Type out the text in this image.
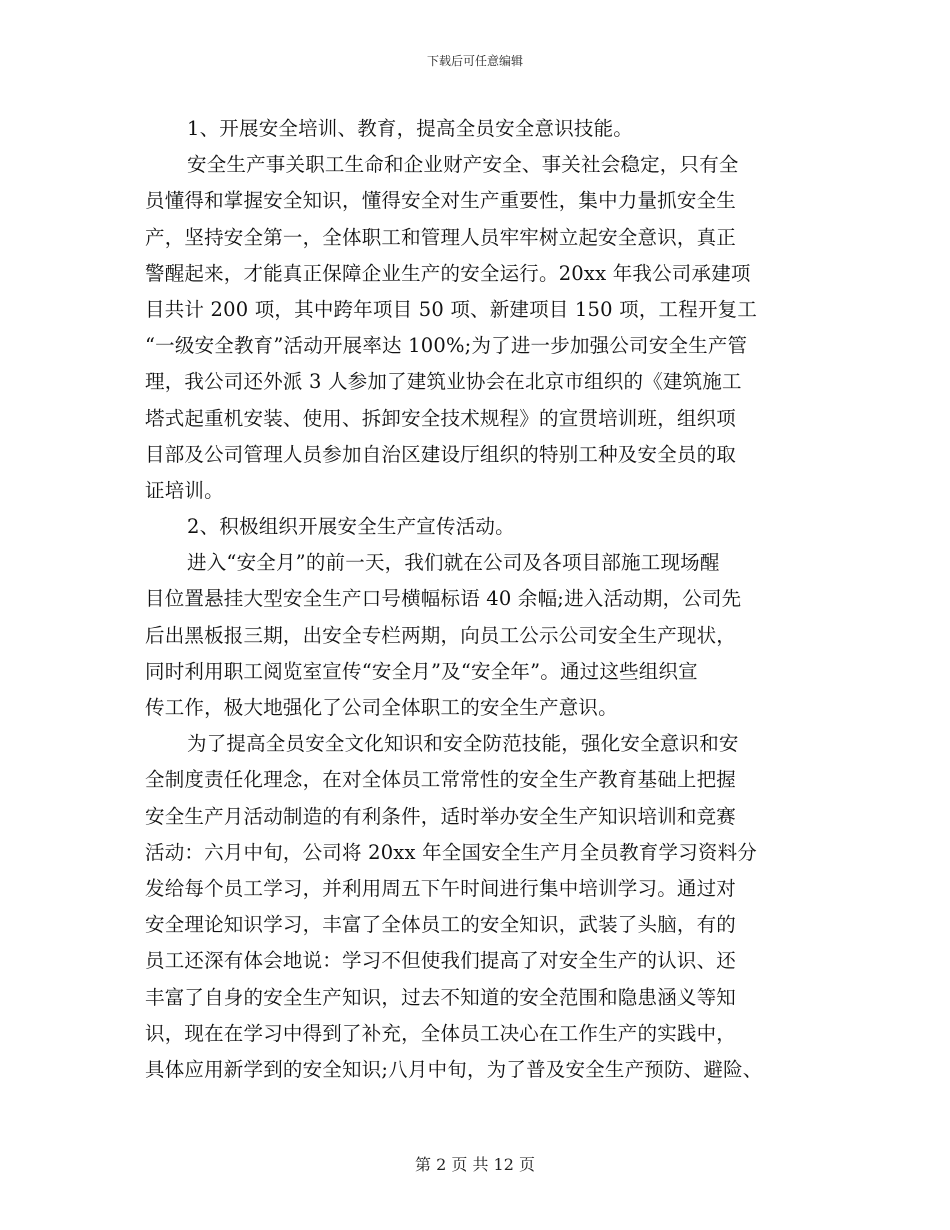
下载后可任意编辑
1、开展安全培训、教育，提高全员安全意识技能。
安全生产事关职工生命和企业财产安全、事关社会稳定，只有全
员懂得和掌握安全知识，懂得安全对生产重要性，集中力量抓安全生
产，坚持安全第一，全体职工和管理人员牢牢树立起安全意识，真正
警醒起来，才能真正保障企业生产的安全运行。20xx 年我公司承建项
目共计 200 项，其中跨年项目 50 项、新建项目 150 项，工程开复工
“一级安全教育”活动开展率达 100%;为了进一步加强公司安全生产管
理，我公司还外派 3 人参加了建筑业协会在北京市组织的《建筑施工
塔式起重机安装、使用、拆卸安全技术规程》的宣贯培训班，组织项
目部及公司管理人员参加自治区建设厅组织的特别工种及安全员的取
证培训。
2、积极组织开展安全生产宣传活动。
进入“安全月”的前一天，我们就在公司及各项目部施工现场醒
目位置悬挂大型安全生产口号横幅标语 40 余幅;进入活动期，公司先
后出黑板报三期，出安全专栏两期，向员工公示公司安全生产现状，
同时利用职工阅览室宣传“安全月”及“安全年”。通过这些组织宣
传工作，极大地强化了公司全体职工的安全生产意识。
为了提高全员安全文化知识和安全防范技能，强化安全意识和安
全制度责任化理念，在对全体员工常常性的安全生产教育基础上把握
安全生产月活动制造的有利条件，适时举办安全生产知识培训和竞赛
活动：六月中旬，公司将 20xx 年全国安全生产月全员教育学习资料分
发给每个员工学习，并利用周五下午时间进行集中培训学习。通过对
安全理论知识学习，丰富了全体员工的安全知识，武装了头脑，有的
员工还深有体会地说：学习不但使我们提高了对安全生产的认识、还
丰富了自身的安全生产知识，过去不知道的安全范围和隐患涵义等知
识，现在在学习中得到了补充，全体员工决心在工作生产的实践中，
具体应用新学到的安全知识;八月中旬，为了普及安全生产预防、避险、
第 2 页 共 12 页
